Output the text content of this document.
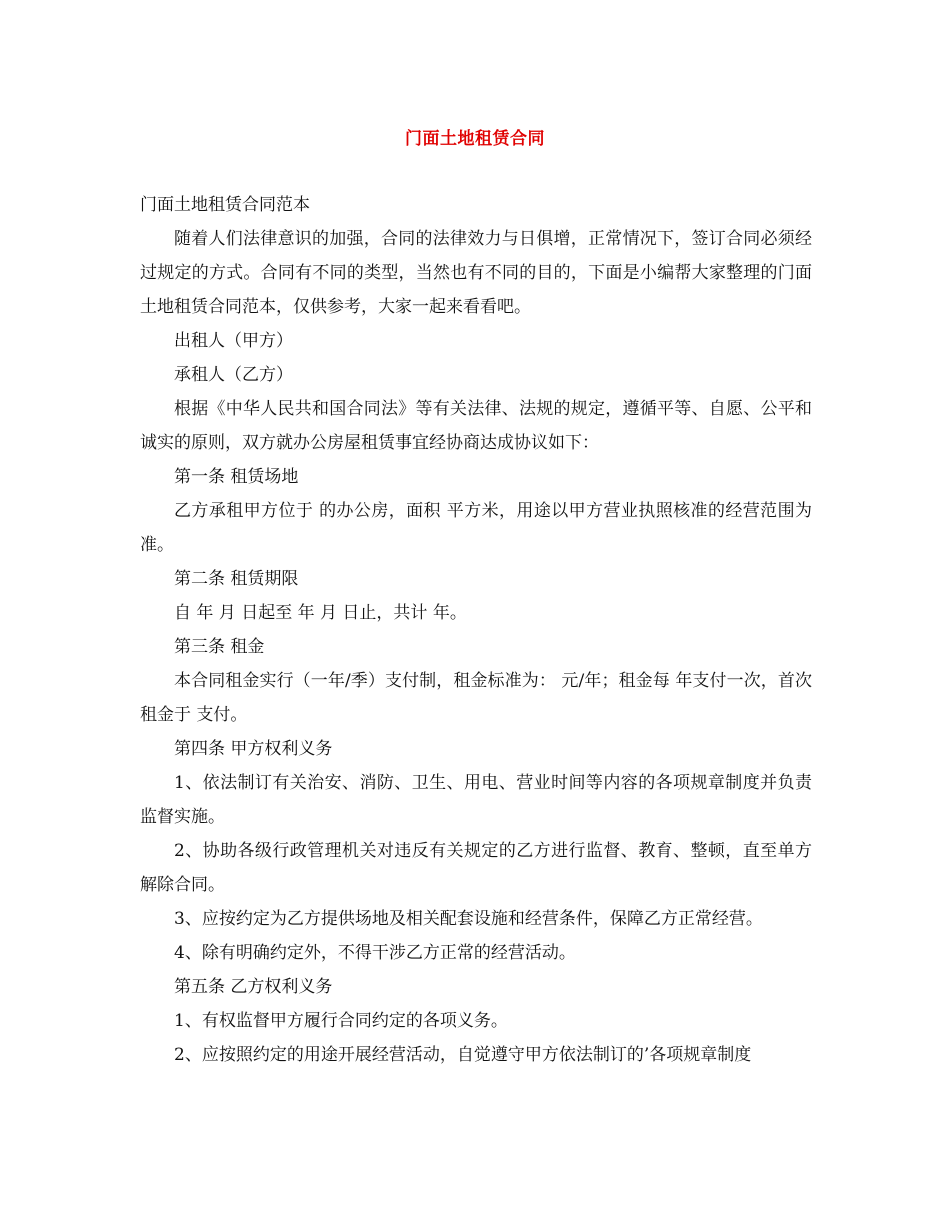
门面土地租赁合同

门面土地租赁合同范本

随着人们法律意识的加强，合同的法律效力与日俱增，正常情况下，签订合同必须经过规定的方式。合同有不同的类型，当然也有不同的目的，下面是小编帮大家整理的门面土地租赁合同范本，仅供参考，大家一起来看看吧。

出租人（甲方）

承租人（乙方）

根据《中华人民共和国合同法》等有关法律、法规的规定，遵循平等、自愿、公平和诚实的原则，双方就办公房屋租赁事宜经协商达成协议如下：

第一条 租赁场地

乙方承租甲方位于 的办公房，面积 平方米，用途以甲方营业执照核准的经营范围为准。

第二条 租赁期限

自 年 月 日起至 年 月 日止，共计 年。

第三条 租金

本合同租金实行（一年/季）支付制，租金标准为： 元/年；租金每 年支付一次，首次租金于 支付。

第四条 甲方权利义务

1、依法制订有关治安、消防、卫生、用电、营业时间等内容的各项规章制度并负责监督实施。

2、协助各级行政管理机关对违反有关规定的乙方进行监督、教育、整顿，直至单方解除合同。

3、应按约定为乙方提供场地及相关配套设施和经营条件，保障乙方正常经营。

4、除有明确约定外，不得干涉乙方正常的经营活动。

第五条 乙方权利义务

1、有权监督甲方履行合同约定的各项义务。

2、应按照约定的用途开展经营活动，自觉遵守甲方依法制订的’各项规章制度
